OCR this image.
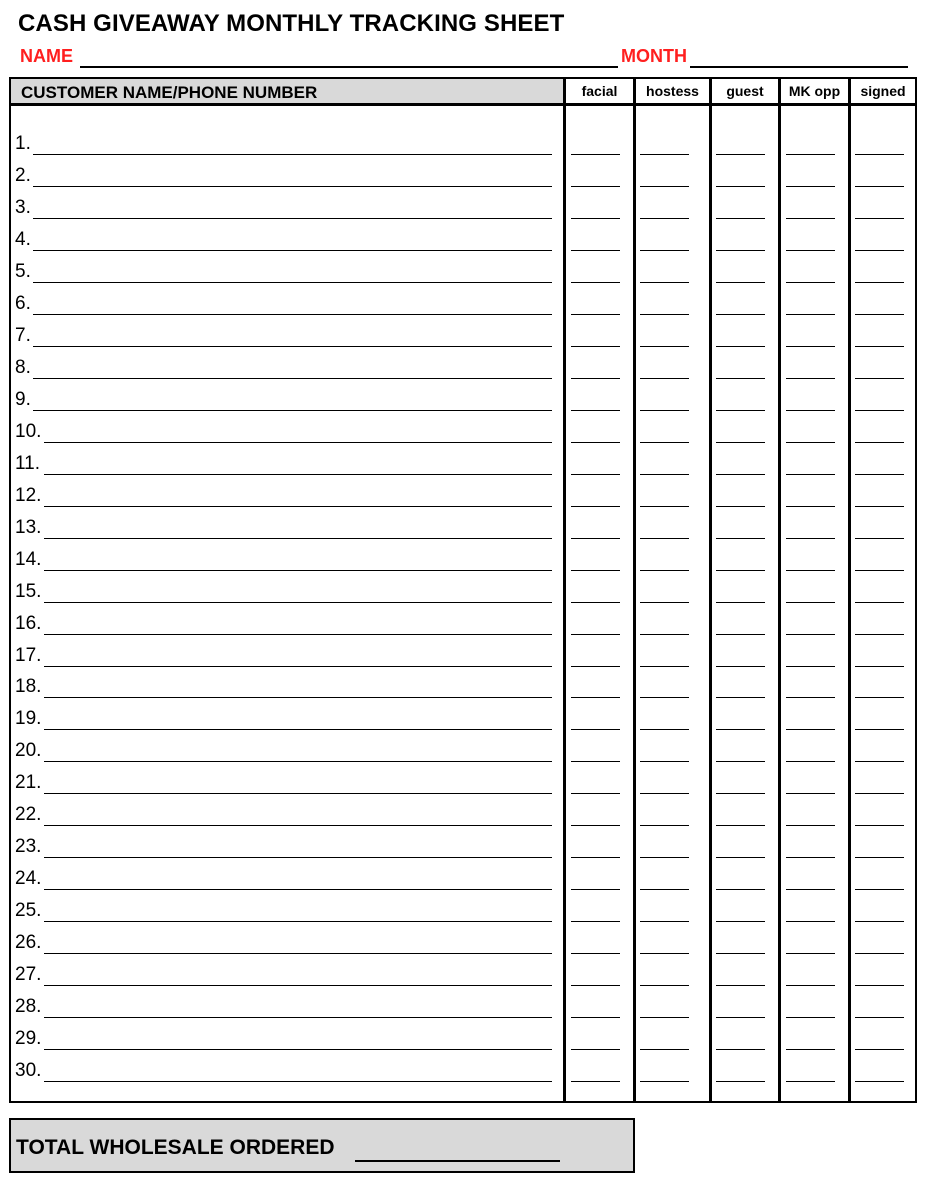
CASH GIVEAWAY MONTHLY TRACKING SHEET
NAME	MONTH
CUSTOMER NAME/PHONE NUMBER	facial	hostess	guest	MK opp	signed
1.
2.
3.
4.
5.
6.
7.
8.
9.
10.
11.
12.
13.
14.
15.
16.
17.
18.
19.
20.
21.
22.
23.
24.
25.
26.
27.
28.
29.
30.
TOTAL WHOLESALE ORDERED
